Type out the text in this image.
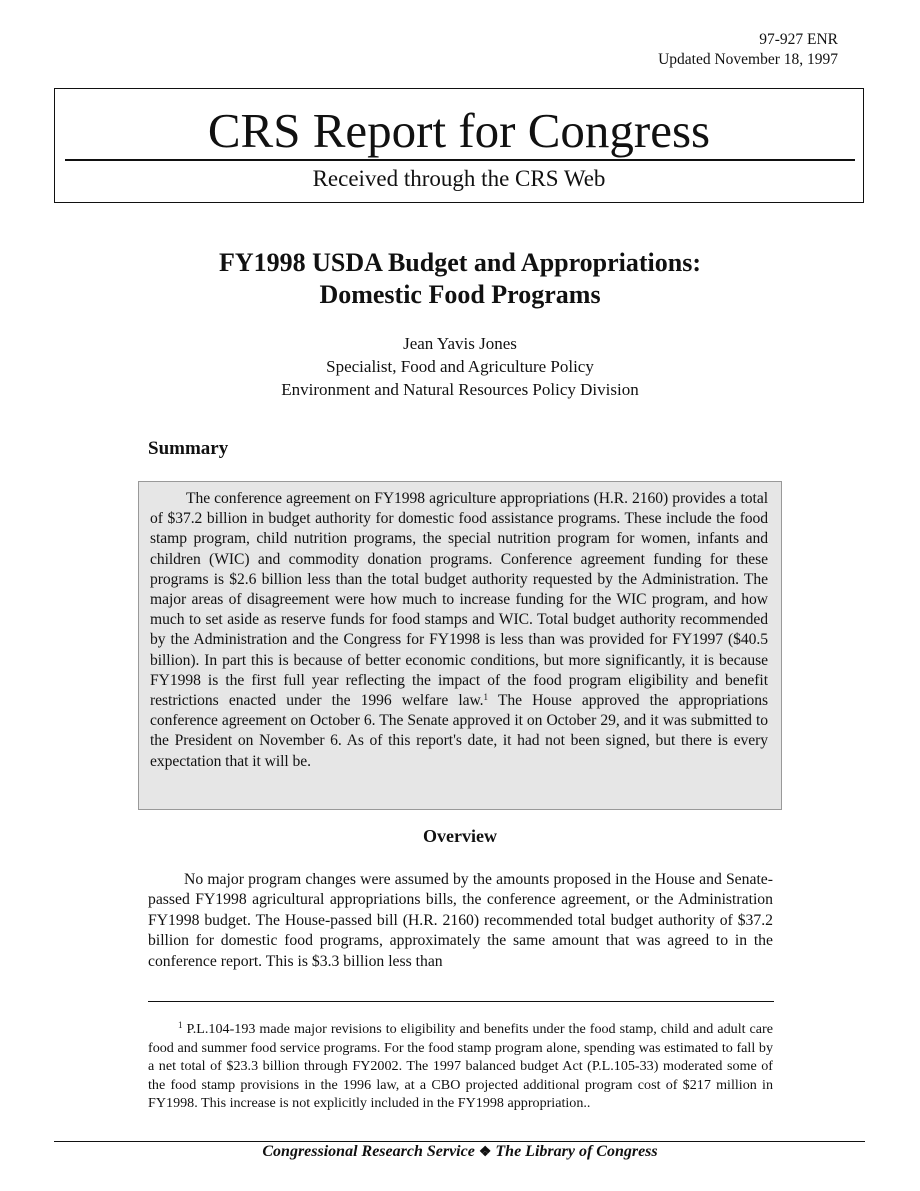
97-927 ENR
Updated November 18, 1997
CRS Report for Congress
Received through the CRS Web
FY1998 USDA Budget and Appropriations:
Domestic Food Programs
Jean Yavis Jones
Specialist, Food and Agriculture Policy
Environment and Natural Resources Policy Division
Summary

The conference agreement on FY1998 agriculture appropriations (H.R. 2160) provides a total of $37.2 billion in budget authority for domestic food assistance programs. These include the food stamp program, child nutrition programs, the special nutrition program for women, infants and children (WIC) and commodity donation programs. Conference agreement funding for these programs is $2.6 billion less than the total budget authority requested by the Administration. The major areas of disagreement were how much to increase funding for the WIC program, and how much to set aside as reserve funds for food stamps and WIC. Total budget authority recommended by the Administration and the Congress for FY1998 is less than was provided for FY1997 ($40.5 billion). In part this is because of better economic conditions, but more significantly, it is because FY1998 is the first full year reflecting the impact of the food program eligibility and benefit restrictions enacted under the 1996 welfare law.$^1$ The House approved the appropriations conference agreement on October 6. The Senate approved it on October 29, and it was submitted to the President on November 6. As of this report's date, it had not been signed, but there is every expectation that it will be.

Overview

No major program changes were assumed by the amounts proposed in the House and Senate-passed FY1998 agricultural appropriations bills, the conference agreement, or the Administration FY1998 budget. The House-passed bill (H.R. 2160) recommended total budget authority of $37.2 billion for domestic food programs, approximately the same amount that was agreed to in the conference report. This is $3.3 billion less than

$^1$ P.L.104-193 made major revisions to eligibility and benefits under the food stamp, child and adult care food and summer food service programs. For the food stamp program alone, spending was estimated to fall by a net total of $23.3 billion through FY2002. The 1997 balanced budget Act (P.L.105-33) moderated some of the food stamp provisions in the 1996 law, at a CBO projected additional program cost of $217 million in FY1998. This increase is not explicitly included in the FY1998 appropriation..

Congressional Research Service ❖ The Library of Congress
